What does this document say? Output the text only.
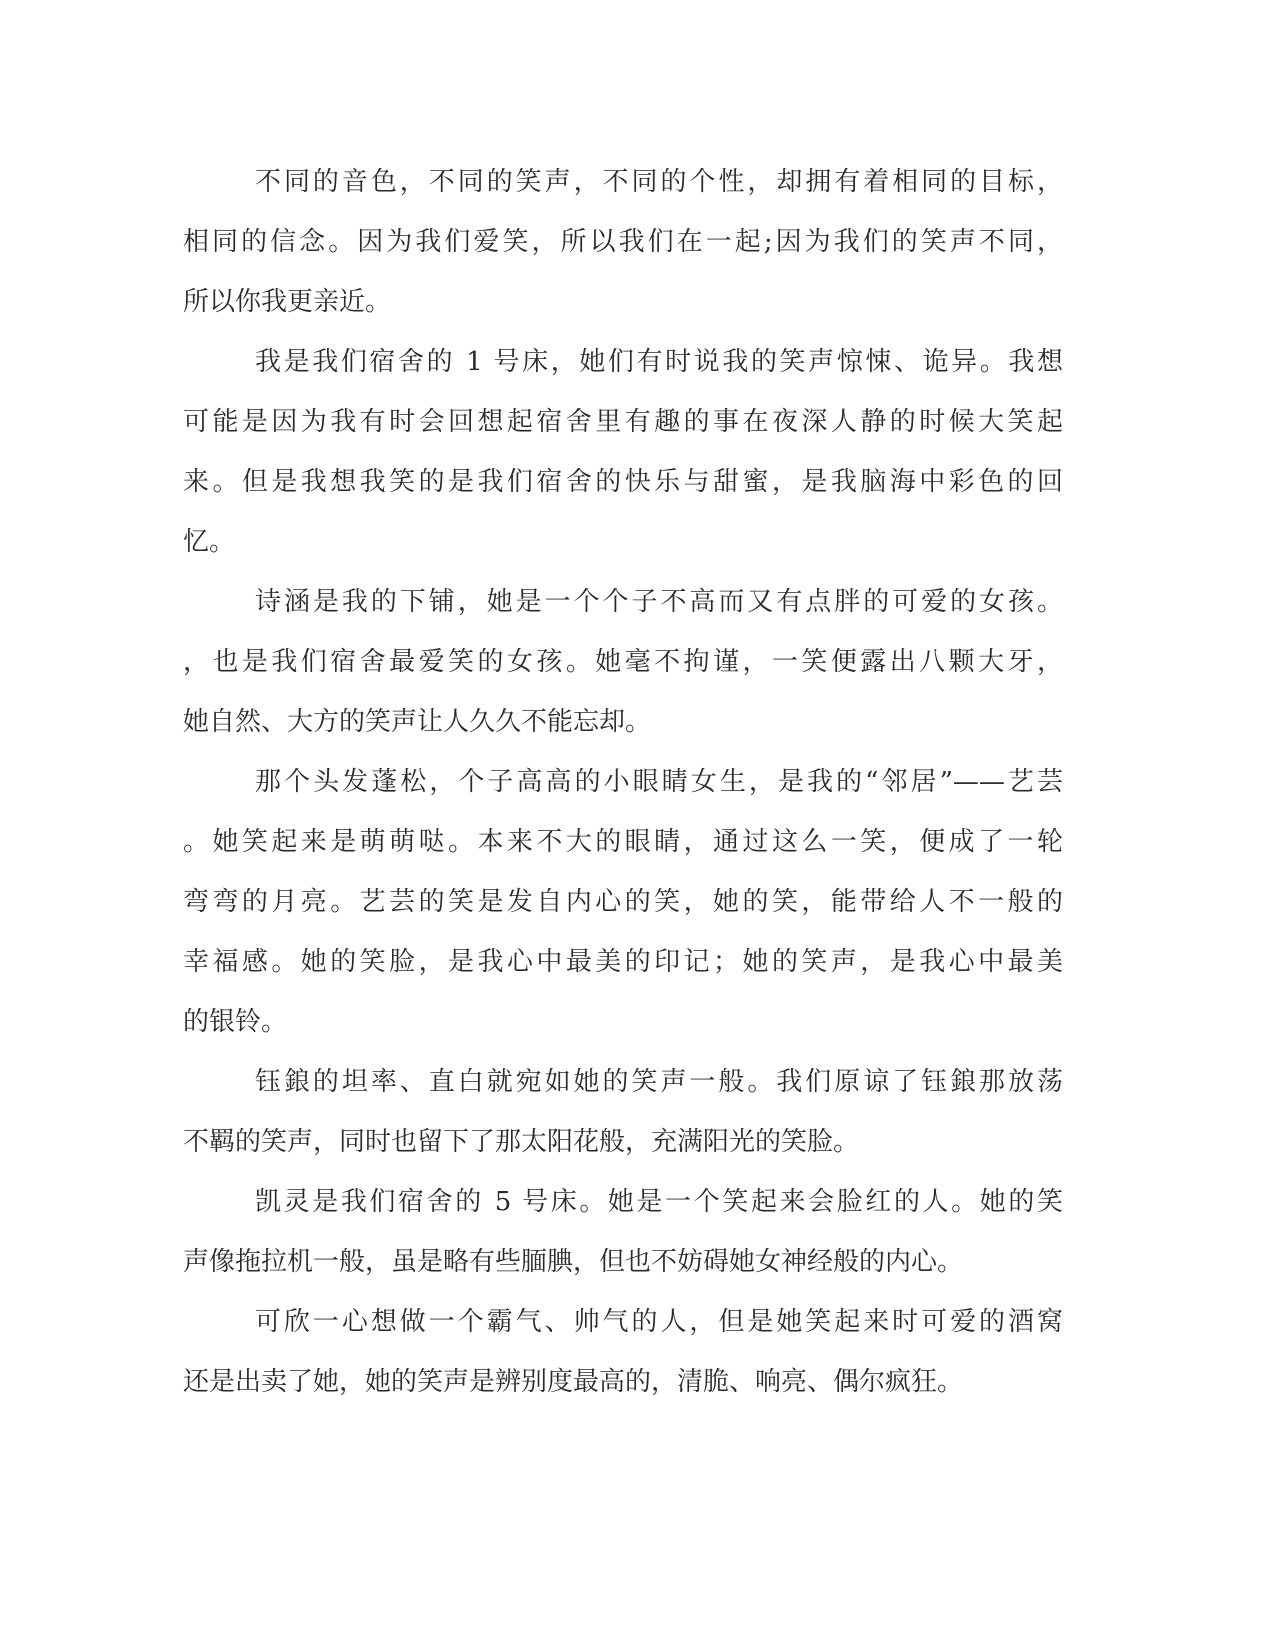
不同的音色，不同的笑声，不同的个性，却拥有着相同的目标，
相同的信念。因为我们爱笑，所以我们在一起;因为我们的笑声不同，
所以你我更亲近。
我是我们宿舍的 1 号床，她们有时说我的笑声惊悚、诡异。我想
可能是因为我有时会回想起宿舍里有趣的事在夜深人静的时候大笑起
来。但是我想我笑的是我们宿舍的快乐与甜蜜，是我脑海中彩色的回
忆。
诗涵是我的下铺，她是一个个子不高而又有点胖的可爱的女孩。
，也是我们宿舍最爱笑的女孩。她毫不拘谨，一笑便露出八颗大牙，
她自然、大方的笑声让人久久不能忘却。
那个头发蓬松，个子高高的小眼睛女生，是我的“邻居”——艺芸
。她笑起来是萌萌哒。本来不大的眼睛，通过这么一笑，便成了一轮
弯弯的月亮。艺芸的笑是发自内心的笑，她的笑，能带给人不一般的
幸福感。她的笑脸，是我心中最美的印记；她的笑声，是我心中最美
的银铃。
钰鋃的坦率、直白就宛如她的笑声一般。我们原谅了钰鋃那放荡
不羁的笑声，同时也留下了那太阳花般，充满阳光的笑脸。
凯灵是我们宿舍的 5 号床。她是一个笑起来会脸红的人。她的笑
声像拖拉机一般，虽是略有些腼腆，但也不妨碍她女神经般的内心。
可欣一心想做一个霸气、帅气的人，但是她笑起来时可爱的酒窝
还是出卖了她，她的笑声是辨别度最高的，清脆、响亮、偶尔疯狂。
